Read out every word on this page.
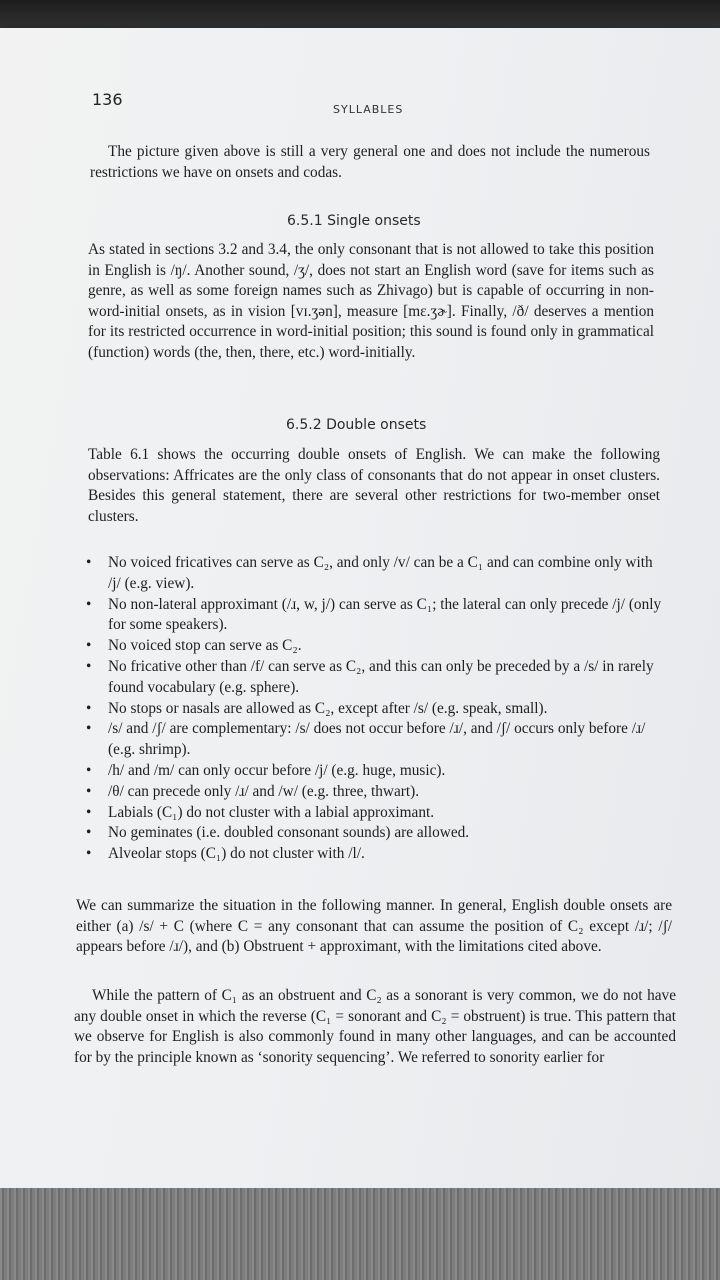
136
SYLLABLES

The picture given above is still a very general one and does not include the numerous restrictions we have on onsets and codas.

6.5.1 Single onsets

As stated in sections 3.2 and 3.4, the only consonant that is not allowed to take this position in English is /ŋ/. Another sound, /ʒ/, does not start an English word (save for items such as genre, as well as some foreign names such as Zhivago) but is capable of occurring in non-word-initial onsets, as in vision [vɪ.ʒən], measure [mɛ.ʒɚ]. Finally, /ð/ deserves a mention for its restricted occurrence in word-initial position; this sound is found only in grammatical (function) words (the, then, there, etc.) word-initially.

6.5.2 Double onsets

Table 6.1 shows the occurring double onsets of English. We can make the following observations: Affricates are the only class of consonants that do not appear in onset clusters. Besides this general statement, there are several other restrictions for two-member onset clusters.

• No voiced fricatives can serve as C₂, and only /v/ can be a C₁ and can combine only with /j/ (e.g. view).
• No non-lateral approximant (/ɹ, w, j/) can serve as C₁; the lateral can only precede /j/ (only for some speakers).
• No voiced stop can serve as C₂.
• No fricative other than /f/ can serve as C₂, and this can only be preceded by a /s/ in rarely found vocabulary (e.g. sphere).
• No stops or nasals are allowed as C₂, except after /s/ (e.g. speak, small).
• /s/ and /ʃ/ are complementary: /s/ does not occur before /ɹ/, and /ʃ/ occurs only before /ɹ/ (e.g. shrimp).
• /h/ and /m/ can only occur before /j/ (e.g. huge, music).
• /θ/ can precede only /ɹ/ and /w/ (e.g. three, thwart).
• Labials (C₁) do not cluster with a labial approximant.
• No geminates (i.e. doubled consonant sounds) are allowed.
• Alveolar stops (C₁) do not cluster with /l/.

We can summarize the situation in the following manner. In general, English double onsets are either (a) /s/ + C (where C = any consonant that can assume the position of C₂ except /ɹ/; /ʃ/ appears before /ɹ/), and (b) Obstruent + approximant, with the limitations cited above.

While the pattern of C₁ as an obstruent and C₂ as a sonorant is very common, we do not have any double onset in which the reverse (C₁ = sonorant and C₂ = obstruent) is true. This pattern that we observe for English is also commonly found in many other languages, and can be accounted for by the principle known as ‘sonority sequencing’. We referred to sonority earlier for
